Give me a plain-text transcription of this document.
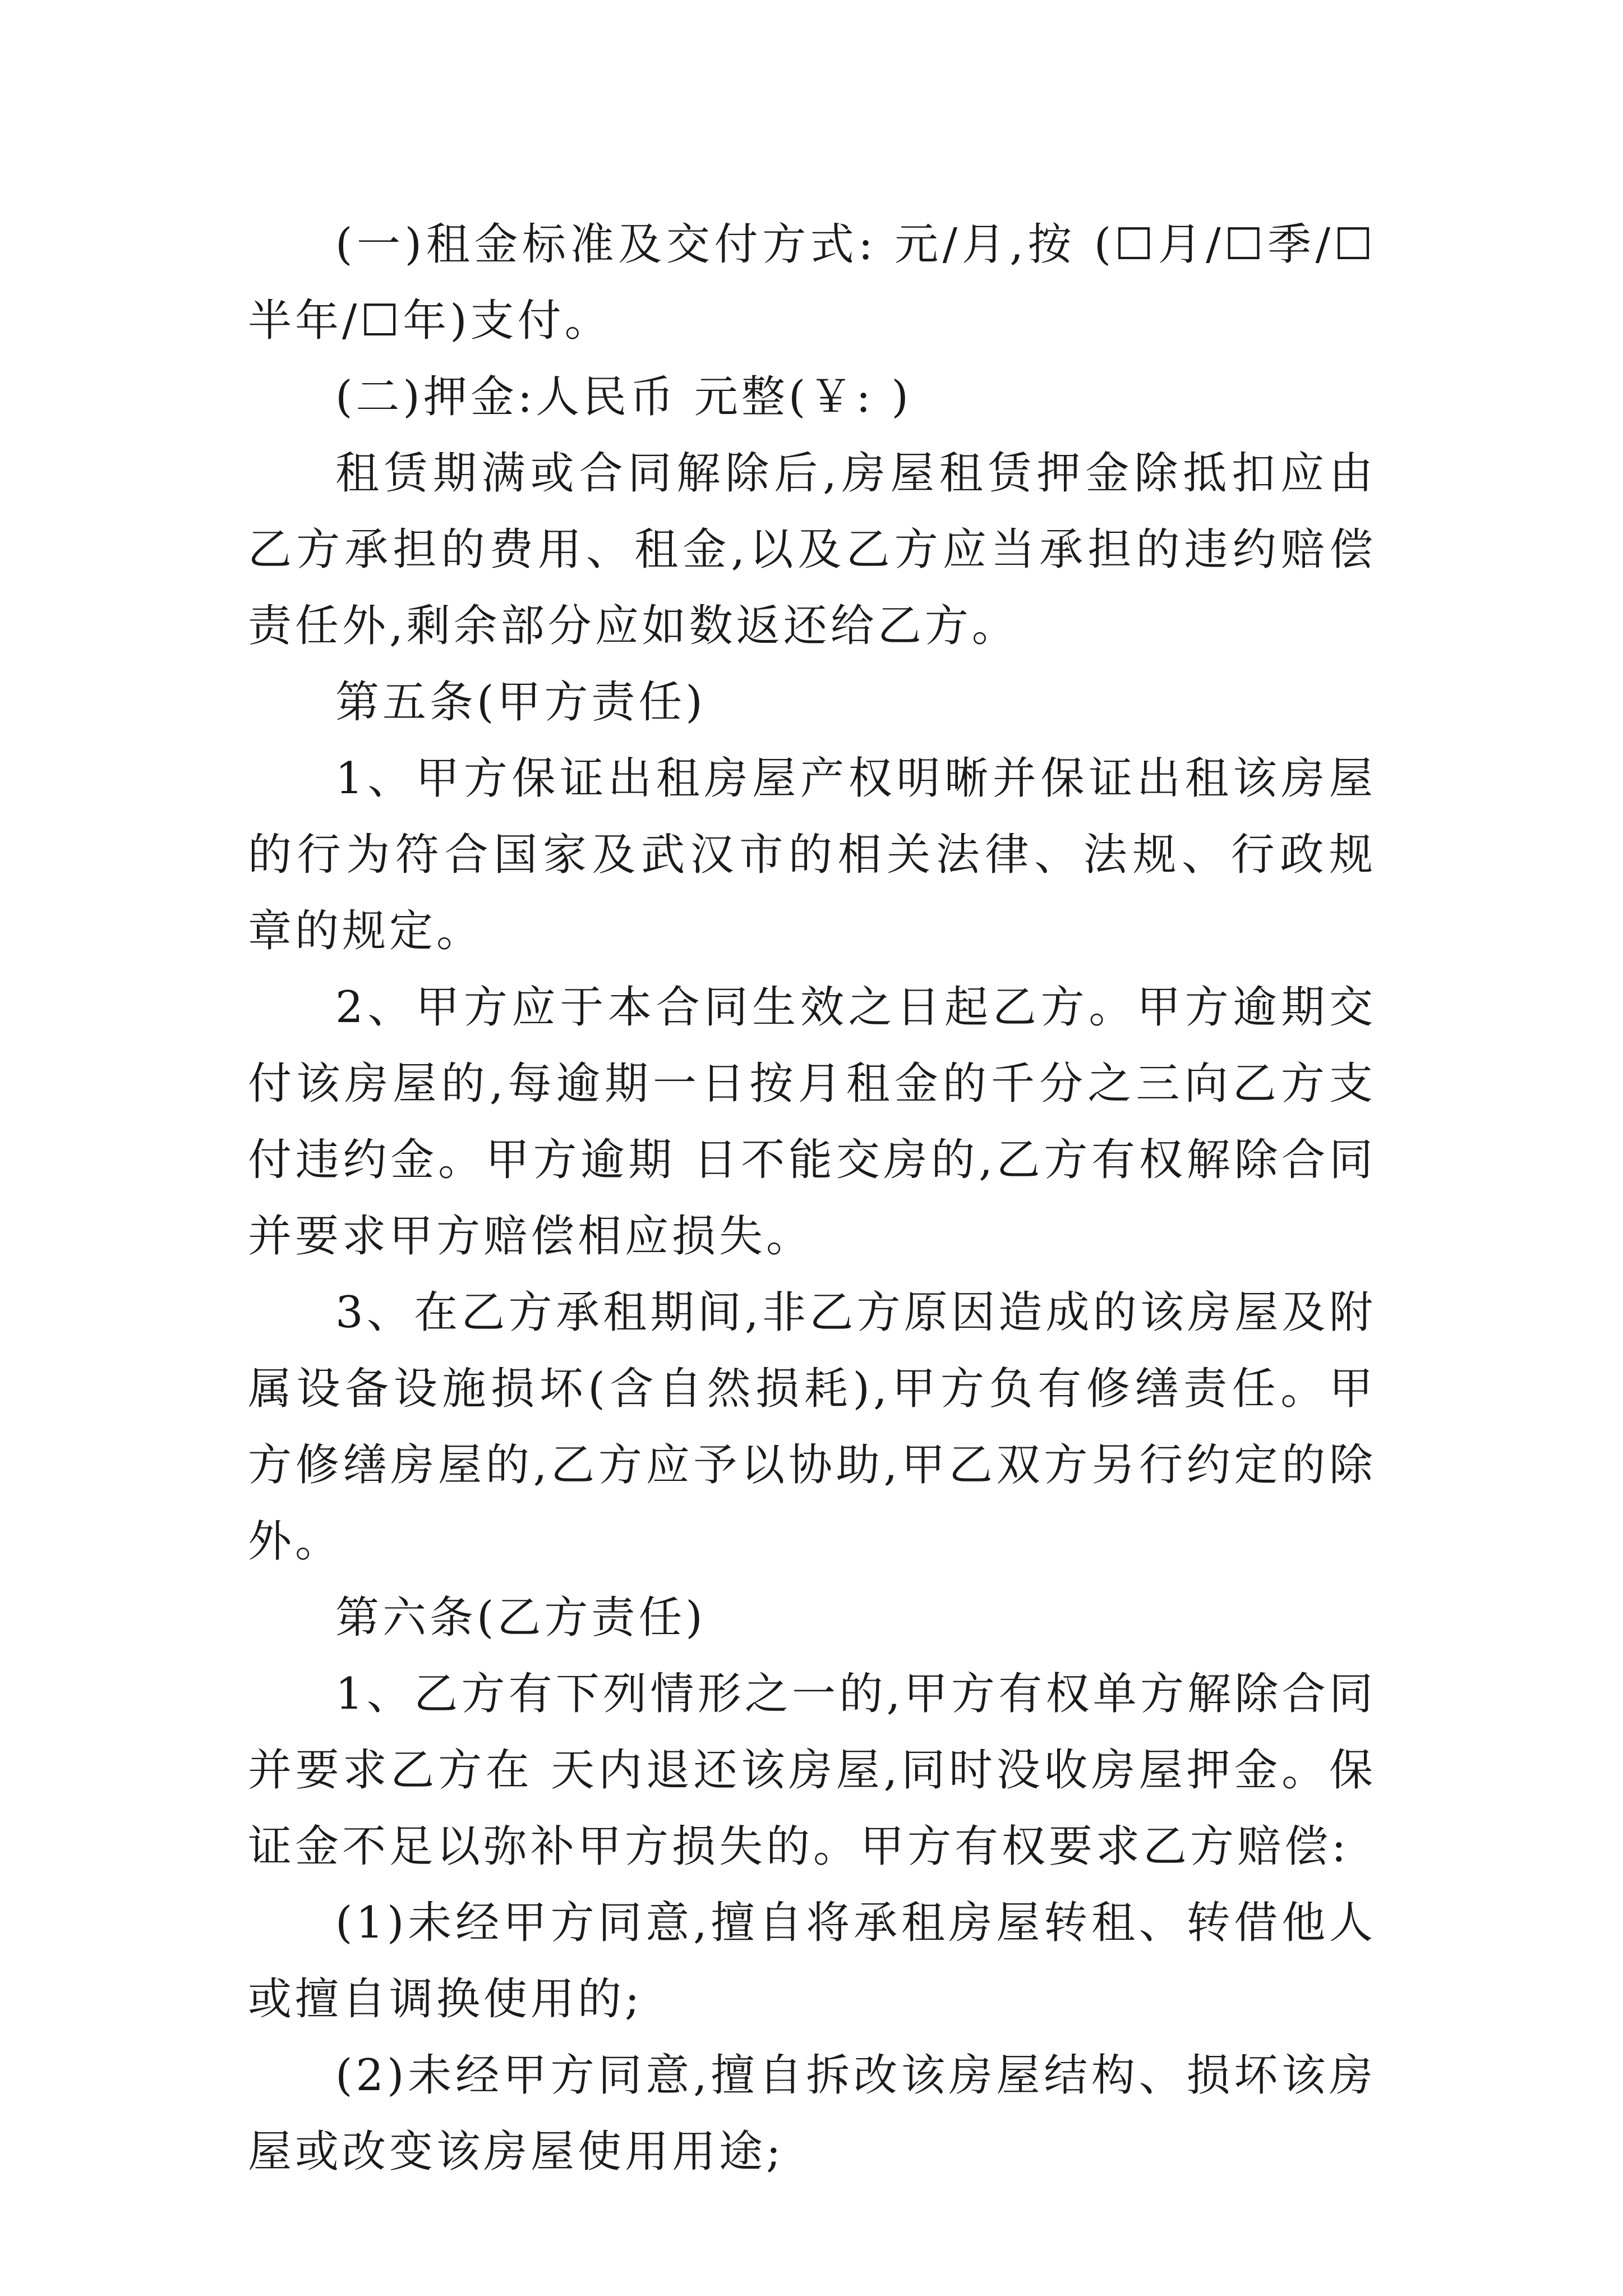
(一)租金标准及交付方式: 元/月,按 (☐月/☐季/☐半年/☐年)支付。

(二)押金:人民币 元整(￥: )

租赁期满或合同解除后,房屋租赁押金除抵扣应由乙方承担的费用、租金,以及乙方应当承担的违约赔偿责任外,剩余部分应如数返还给乙方。

第五条(甲方责任)

1、甲方保证出租房屋产权明晰并保证出租该房屋的行为符合国家及武汉市的相关法律、法规、行政规章的规定。

2、甲方应于本合同生效之日起乙方。甲方逾期交付该房屋的,每逾期一日按月租金的千分之三向乙方支付违约金。甲方逾期 日不能交房的,乙方有权解除合同并要求甲方赔偿相应损失。

3、在乙方承租期间,非乙方原因造成的该房屋及附属设备设施损坏(含自然损耗),甲方负有修缮责任。甲方修缮房屋的,乙方应予以协助,甲乙双方另行约定的除外。

第六条(乙方责任)

1、乙方有下列情形之一的,甲方有权单方解除合同并要求乙方在 天内退还该房屋,同时没收房屋押金。保证金不足以弥补甲方损失的。甲方有权要求乙方赔偿:

(1)未经甲方同意,擅自将承租房屋转租、转借他人或擅自调换使用的;

(2)未经甲方同意,擅自拆改该房屋结构、损坏该房屋或改变该房屋使用用途;
